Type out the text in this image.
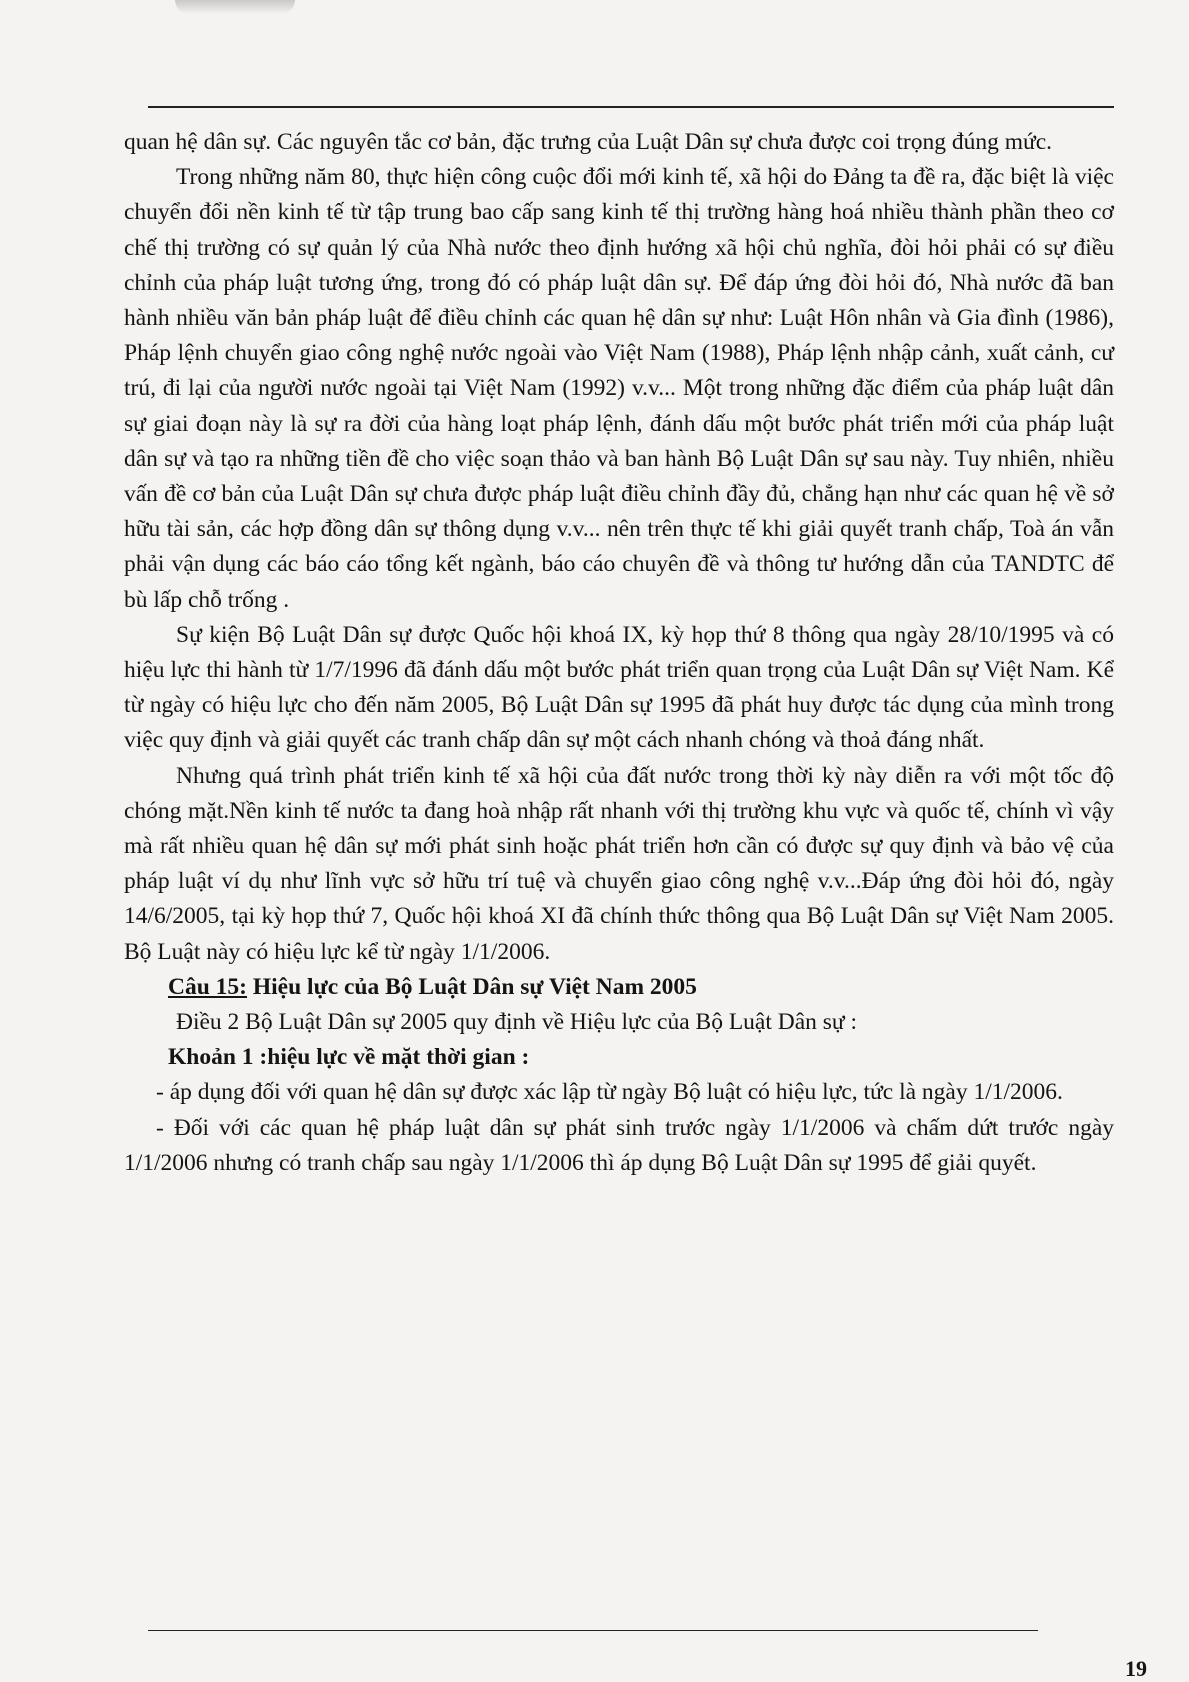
quan hệ dân sự. Các nguyên tắc cơ bản, đặc trưng của Luật Dân sự chưa được coi trọng đúng mức.

Trong những năm 80, thực hiện công cuộc đổi mới kinh tế, xã hội do Đảng ta đề ra, đặc biệt là việc chuyển đổi nền kinh tế từ tập trung bao cấp sang kinh tế thị trường hàng hoá nhiều thành phần theo cơ chế thị trường có sự quản lý của Nhà nước theo định hướng xã hội chủ nghĩa, đòi hỏi phải có sự điều chỉnh của pháp luật tương ứng, trong đó có pháp luật dân sự. Để đáp ứng đòi hỏi đó, Nhà nước đã ban hành nhiều văn bản pháp luật để điều chỉnh các quan hệ dân sự như: Luật Hôn nhân và Gia đình (1986), Pháp lệnh chuyển giao công nghệ nước ngoài vào Việt Nam (1988), Pháp lệnh nhập cảnh, xuất cảnh, cư trú, đi lại của người nước ngoài tại Việt Nam (1992) v.v... Một trong những đặc điểm của pháp luật dân sự giai đoạn này là sự ra đời của hàng loạt pháp lệnh, đánh dấu một bước phát triển mới của pháp luật dân sự và tạo ra những tiền đề cho việc soạn thảo và ban hành Bộ Luật Dân sự sau này. Tuy nhiên, nhiều vấn đề cơ bản của Luật Dân sự chưa được pháp luật điều chỉnh đầy đủ, chẳng hạn như các quan hệ về sở hữu tài sản, các hợp đồng dân sự thông dụng v.v... nên trên thực tế khi giải quyết tranh chấp, Toà án vẫn phải vận dụng các báo cáo tổng kết ngành, báo cáo chuyên đề và thông tư hướng dẫn của TANDTC để bù lấp chỗ trống .

Sự kiện Bộ Luật Dân sự được Quốc hội khoá IX, kỳ họp thứ 8 thông qua ngày 28/10/1995 và có hiệu lực thi hành từ 1/7/1996 đã đánh dấu một bước phát triển quan trọng của Luật Dân sự Việt Nam. Kể từ ngày có hiệu lực cho đến năm 2005, Bộ Luật Dân sự 1995 đã phát huy được tác dụng của mình trong việc quy định và giải quyết các tranh chấp dân sự một cách nhanh chóng và thoả đáng nhất.

Nhưng quá trình phát triển kinh tế xã hội của đất nước trong thời kỳ này diễn ra với một tốc độ chóng mặt.Nền kinh tế nước ta đang hoà nhập rất nhanh với thị trường khu vực và quốc tế, chính vì vậy mà rất nhiều quan hệ dân sự mới phát sinh hoặc phát triển hơn cần có được sự quy định và bảo vệ của pháp luật ví dụ như lĩnh vực sở hữu trí tuệ và chuyển giao công nghệ v.v...Đáp ứng đòi hỏi đó, ngày 14/6/2005, tại kỳ họp thứ 7, Quốc hội khoá XI đã chính thức thông qua Bộ Luật Dân sự Việt Nam 2005. Bộ Luật này có hiệu lực kể từ ngày 1/1/2006.

Câu 15: Hiệu lực của Bộ Luật Dân sự Việt Nam 2005

Điều 2 Bộ Luật Dân sự 2005 quy định về Hiệu lực của Bộ Luật Dân sự :

Khoản 1 :hiệu lực về mặt thời gian :

- áp dụng đối với quan hệ dân sự được xác lập từ ngày Bộ luật có hiệu lực, tức là ngày 1/1/2006.

- Đối với các quan hệ pháp luật dân sự phát sinh trước ngày 1/1/2006 và chấm dứt trước ngày 1/1/2006 nhưng có tranh chấp sau ngày 1/1/2006 thì áp dụng Bộ Luật Dân sự 1995 để giải quyết.

19
